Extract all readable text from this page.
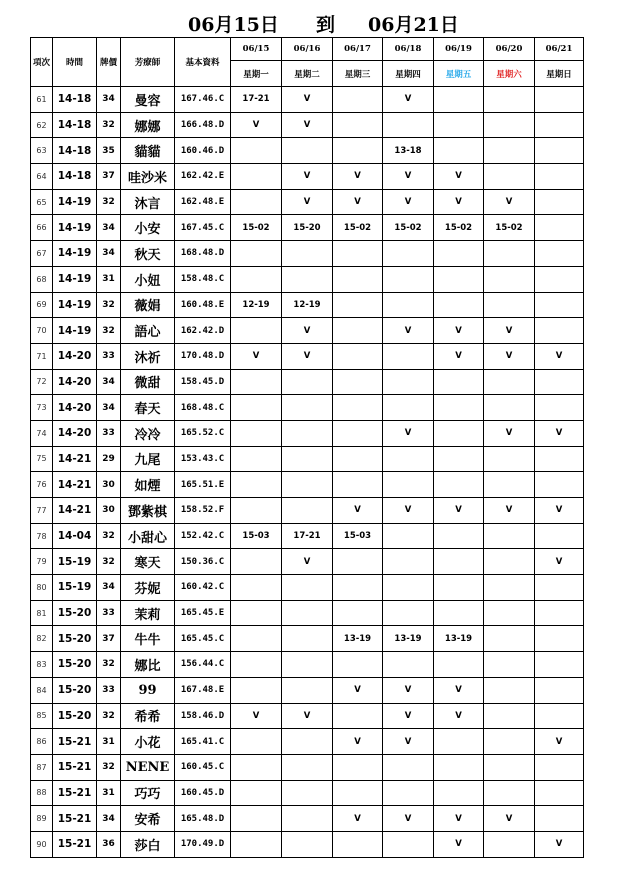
06月15日 到 06月21日
項次	時間	牌價	芳療師	基本資料	06/15	06/16	06/17	06/18	06/19	06/20	06/21
					星期一	星期二	星期三	星期四	星期五	星期六	星期日
61	14-18	34	曼容	167.46.C	17-21	V		V			
62	14-18	32	娜娜	166.48.D	V	V					
63	14-18	35	貓貓	160.46.D				13-18			
64	14-18	37	哇沙米	162.42.E		V	V	V	V		
65	14-19	32	沐言	162.48.E		V	V	V	V	V	
66	14-19	34	小安	167.45.C	15-02	15-20	15-02	15-02	15-02	15-02	
67	14-19	34	秋天	168.48.D							
68	14-19	31	小妞	158.48.C							
69	14-19	32	薇娟	160.48.E	12-19	12-19					
70	14-19	32	語心	162.42.D		V		V	V	V	
71	14-20	33	沐祈	170.48.D	V	V			V	V	V
72	14-20	34	微甜	158.45.D							
73	14-20	34	春天	168.48.C							
74	14-20	33	冷冷	165.52.C				V		V	V
75	14-21	29	九尾	153.43.C							
76	14-21	30	如煙	165.51.E							
77	14-21	30	鄧紫棋	158.52.F			V	V	V	V	V
78	14-04	32	小甜心	152.42.C	15-03	17-21	15-03				
79	15-19	32	寒天	150.36.C		V					V
80	15-19	34	芬妮	160.42.C							
81	15-20	33	茉莉	165.45.E							
82	15-20	37	牛牛	165.45.C			13-19	13-19	13-19		
83	15-20	32	娜比	156.44.C							
84	15-20	33	99	167.48.E			V	V	V		
85	15-20	32	希希	158.46.D	V	V		V	V		
86	15-21	31	小花	165.41.C			V	V			V
87	15-21	32	NENE	160.45.C							
88	15-21	31	巧巧	160.45.D							
89	15-21	34	安希	165.48.D			V	V	V	V	
90	15-21	36	莎白	170.49.D					V		V
